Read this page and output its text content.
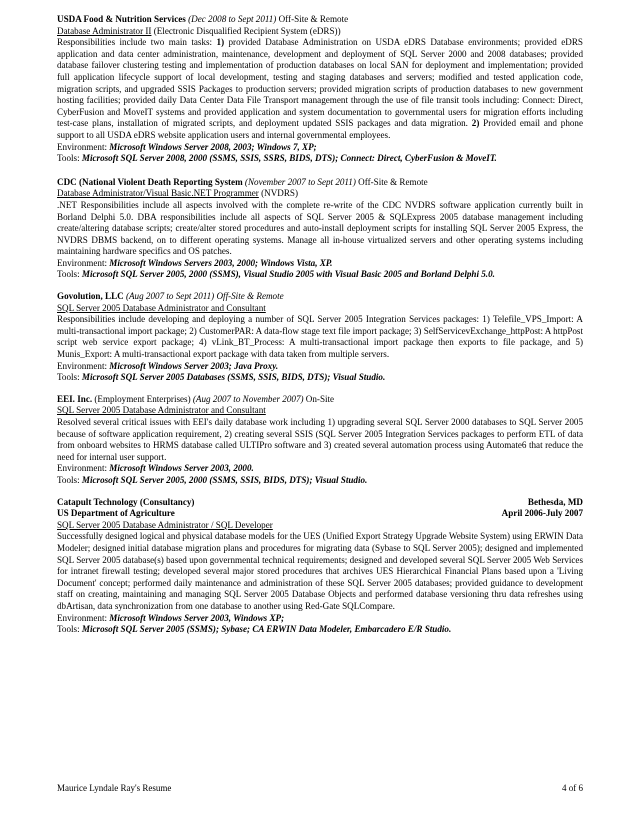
USDA Food & Nutrition Services (Dec 2008 to Sept 2011) Off-Site & Remote
Database Administrator II (Electronic Disqualified Recipient System (eDRS))

Responsibilities include two main tasks: 1) provided Database Administration on USDA eDRS Database environments; provided eDRS application and data center administration, maintenance, development and deployment of SQL Server 2000 and 2008 databases; provided database failover clustering testing and implementation of production databases on local SAN for deployment and implementation; provided full application lifecycle support of local development, testing and staging databases and servers; modified and tested application code, migration scripts, and upgraded SSIS Packages to production servers; provided migration scripts of production databases to new government hosting facilities; provided daily Data Center Data File Transport management through the use of file transit tools including: Connect: Direct, CyberFusion and MoveIT systems and provided application and system documentation to governmental users for migration efforts including test-case plans, installation of migrated scripts, and deployment updated SSIS packages and data migration. 2) Provided email and phone support to all USDA eDRS website application users and internal governmental employees.

Environment: Microsoft Windows Server 2008, 2003; Windows 7, XP;
Tools: Microsoft SQL Server 2008, 2000 (SSMS, SSIS, SSRS, BIDS, DTS); Connect: Direct, CyberFusion & MoveIT.
CDC (National Violent Death Reporting System (November 2007 to Sept 2011) Off-Site & Remote
Database Administrator/Visual Basic.NET Programmer (NVDRS)

.NET Responsibilities include all aspects involved with the complete re-write of the CDC NVDRS software application currently built in Borland Delphi 5.0. DBA responsibilities include all aspects of SQL Server 2005 & SQLExpress 2005 database management including create/altering database scripts; create/alter stored procedures and auto-install deployment scripts for installing SQL Server 2005 Express, the NVDRS DBMS backend, on to different operating systems. Manage all in-house virtualized servers and other operating systems including maintaining hardware specifics and OS patches.

Environment: Microsoft Windows Servers 2003, 2000; Windows Vista, XP.
Tools: Microsoft SQL Server 2005, 2000 (SSMS), Visual Studio 2005 with Visual Basic 2005 and Borland Delphi 5.0.
Govolution, LLC (Aug 2007 to Sept 2011) Off-Site & Remote
SQL Server 2005 Database Administrator and Consultant

Responsibilities include developing and deploying a number of SQL Server 2005 Integration Services packages: 1) Telefile_VPS_Import: A multi-transactional import package; 2) CustomerPAR: A data-flow stage text file import package; 3) SelfServicevExchange_httpPost: A httpPost script web service export package; 4) vLink_BT_Process: A multi-transactional import package then exports to file package, and 5) Munis_Export: A multi-transactional export package with data taken from multiple servers.

Environment: Microsoft Windows Server 2003; Java Proxy.
Tools: Microsoft SQL Server 2005 Databases (SSMS, SSIS, BIDS, DTS); Visual Studio.
EEI. Inc. (Employment Enterprises) (Aug 2007 to November 2007) On-Site
SQL Server 2005 Database Administrator and Consultant

Resolved several critical issues with EEI's daily database work including 1) upgrading several SQL Server 2000 databases to SQL Server 2005 because of software application requirement, 2) creating several SSIS (SQL Server 2005 Integration Services packages to perform ETL of data from onboard websites to HRMS database called ULTIPro software and 3) created several automation process using Automate6 that reduce the need for internal user support.

Environment: Microsoft Windows Server 2003, 2000.
Tools: Microsoft SQL Server 2005, 2000 (SSMS, SSIS, BIDS, DTS); Visual Studio.
Catapult Technology (Consultancy)	Bethesda, MD
US Department of Agriculture	April 2006-July 2007
SQL Server 2005 Database Administrator / SQL Developer

Successfully designed logical and physical database models for the UES (Unified Export Strategy Upgrade Website System) using ERWIN Data Modeler; designed initial database migration plans and procedures for migrating data (Sybase to SQL Server 2005); designed and implemented SQL Server 2005 database(s) based upon governmental technical requirements; designed and developed several SQL Server 2005 Web Services for intranet firewall testing; developed several major stored procedures that archives UES Hierarchical Financial Plans based upon a 'Living Document' concept; performed daily maintenance and administration of these SQL Server 2005 databases; provided guidance to development staff on creating, maintaining and managing SQL Server 2005 Database Objects and performed database versioning thru data refreshes using dbArtisan, data synchronization from one database to another using Red-Gate SQLCompare.

Environment: Microsoft Windows Server 2003, Windows XP;
Tools: Microsoft SQL Server 2005 (SSMS); Sybase; CA ERWIN Data Modeler, Embarcadero E/R Studio.
Maurice Lyndale Ray's Resume	4 of 6
